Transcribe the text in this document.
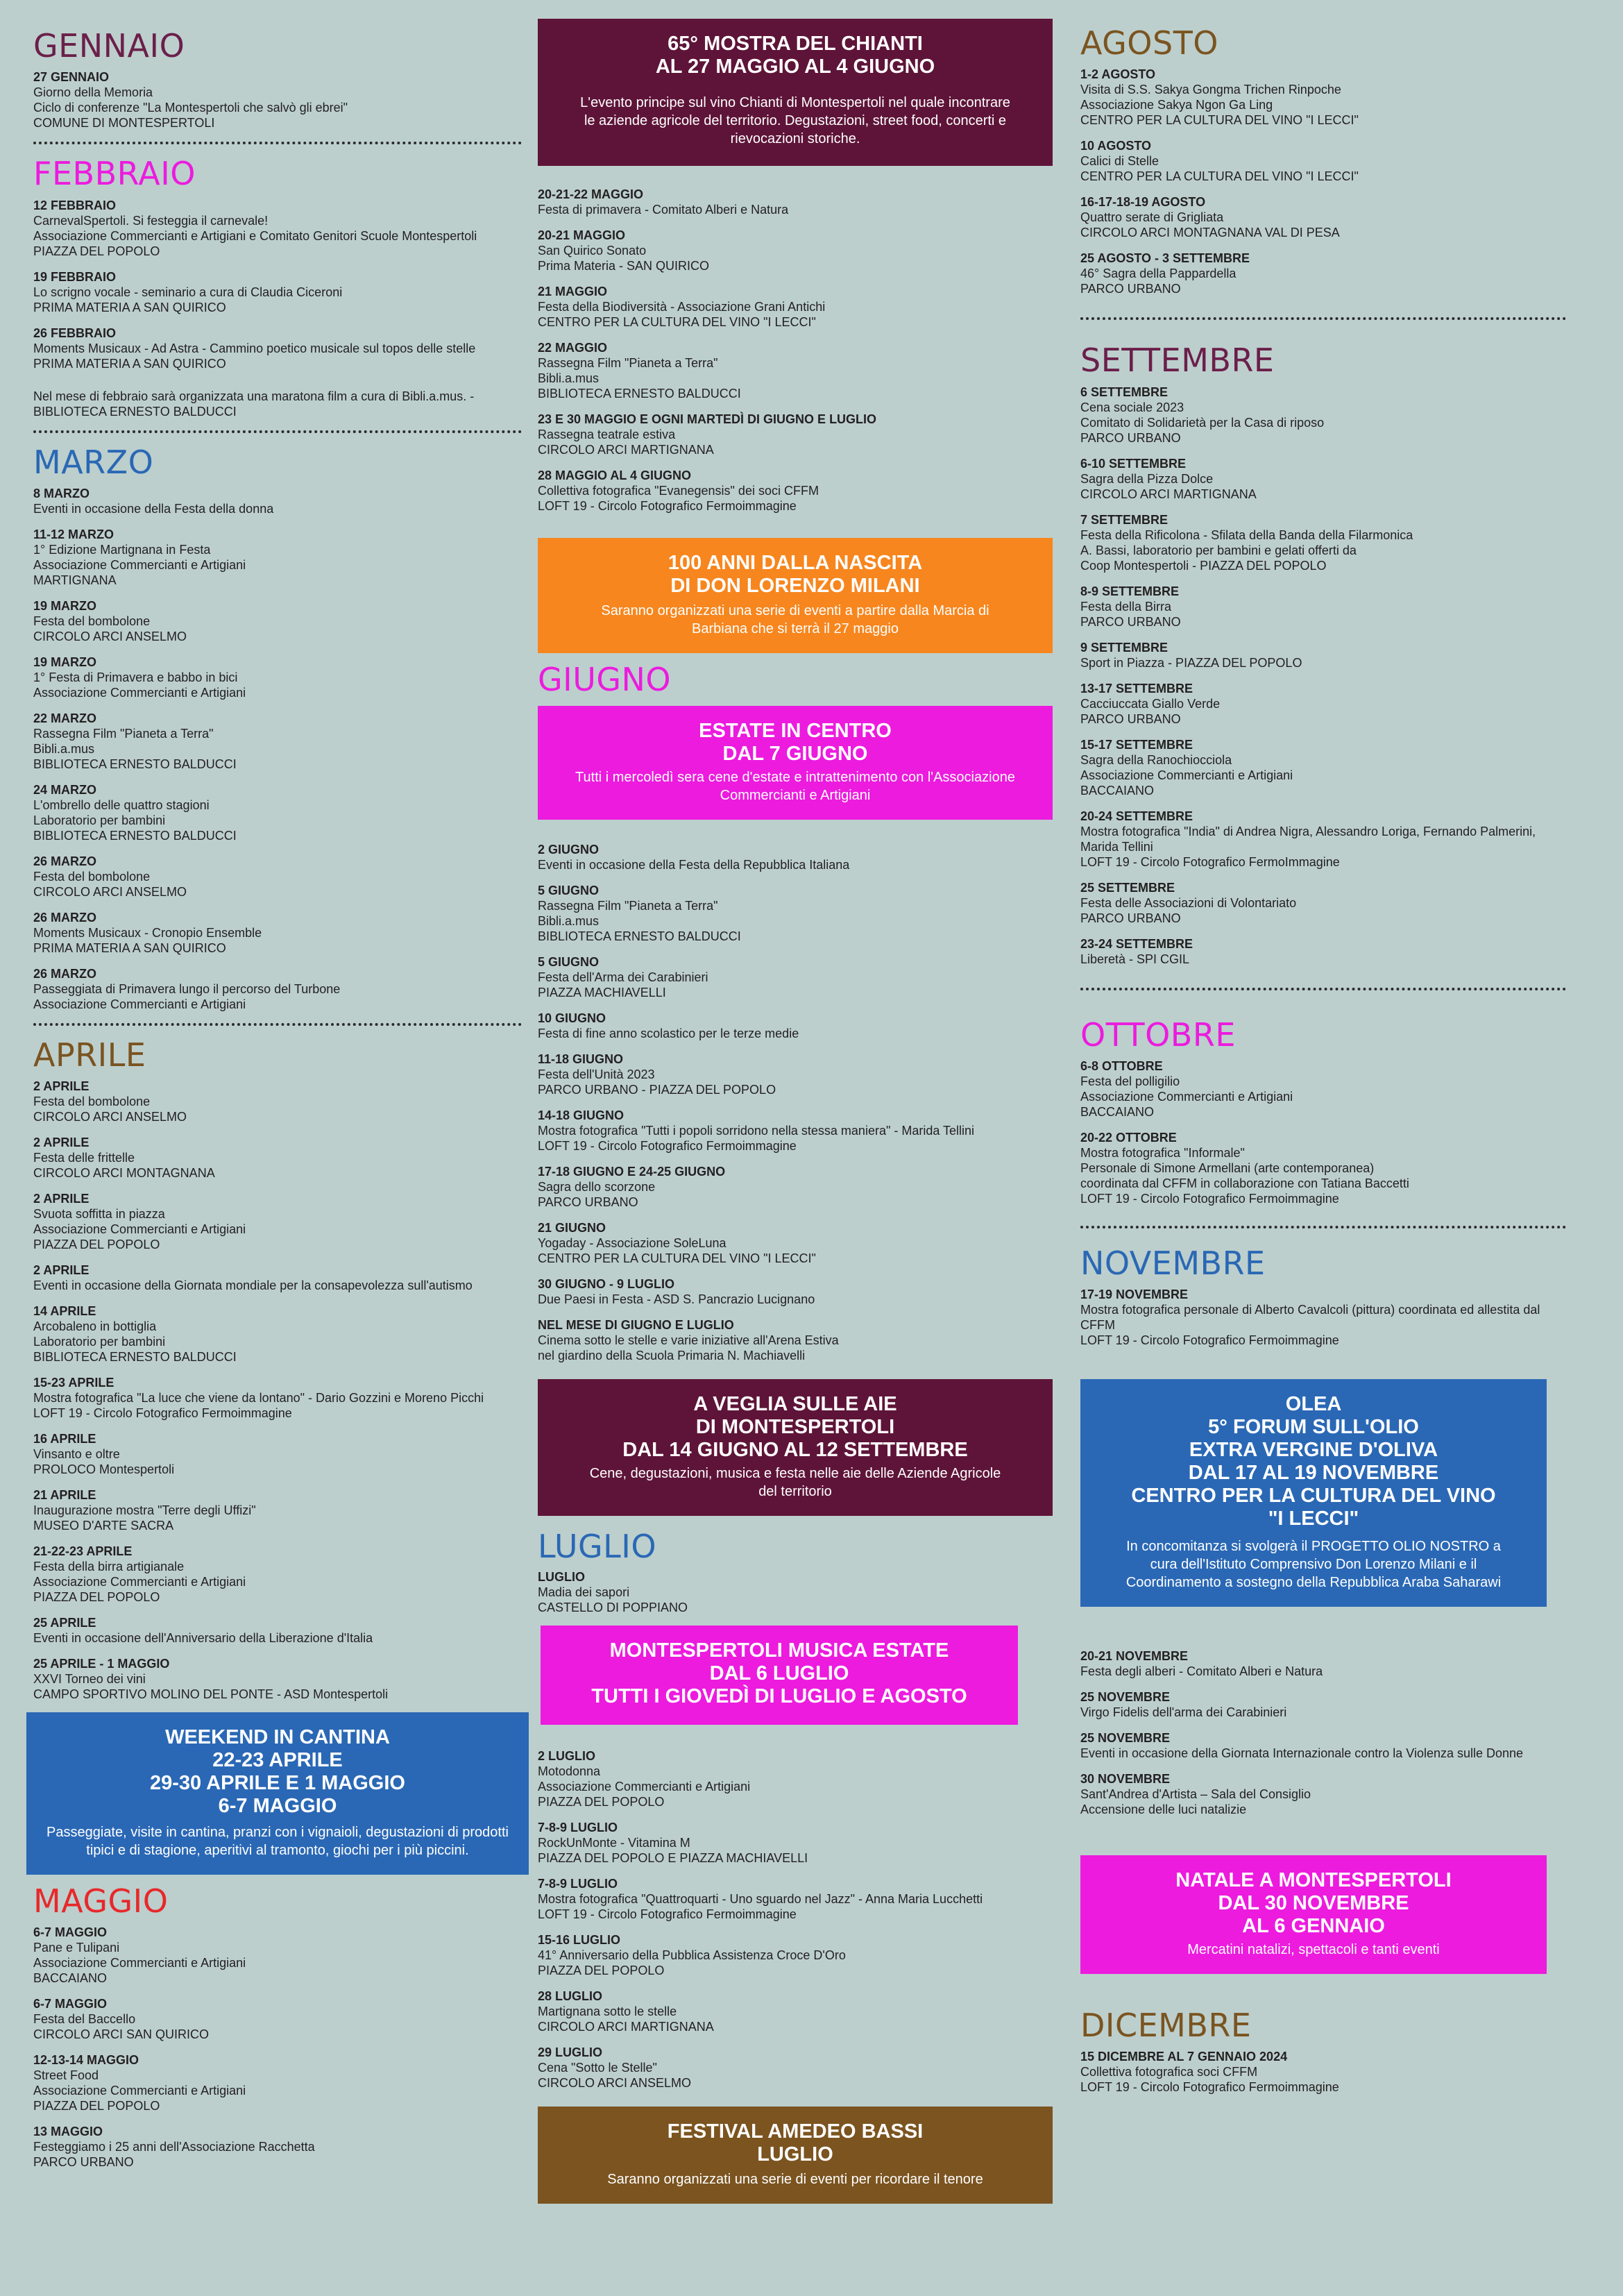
GENNAIO
27 GENNAIO
Giorno della Memoria
Ciclo di conferenze "La Montespertoli che salvò gli ebrei"
COMUNE DI MONTESPERTOLI
FEBBRAIO
12 FEBBRAIO
CarnevalSpertoli. Si festeggia il carnevale!
Associazione Commercianti e Artigiani e Comitato Genitori Scuole Montespertoli
PIAZZA DEL POPOLO
19 FEBBRAIO
Lo scrigno vocale - seminario a cura di Claudia Ciceroni
PRIMA MATERIA A SAN QUIRICO
26 FEBBRAIO
Moments Musicaux - Ad Astra - Cammino poetico musicale sul topos delle stelle
PRIMA MATERIA A SAN QUIRICO
Nel mese di febbraio sarà organizzata una maratona film a cura di Bibli.a.mus. - BIBLIOTECA ERNESTO BALDUCCI
MARZO
8 MARZO
Eventi in occasione della Festa della donna
11-12 MARZO
1° Edizione Martignana in Festa
Associazione Commercianti e Artigiani
MARTIGNANA
19 MARZO
Festa del bombolone
CIRCOLO ARCI ANSELMO
19 MARZO
1° Festa di Primavera e babbo in bici
Associazione Commercianti e Artigiani
22 MARZO
Rassegna Film "Pianeta a Terra"
Bibli.a.mus
BIBLIOTECA ERNESTO BALDUCCI
24 MARZO
L'ombrello delle quattro stagioni
Laboratorio per bambini
BIBLIOTECA ERNESTO BALDUCCI
26 MARZO
Festa del bombolone
CIRCOLO ARCI ANSELMO
26 MARZO
Moments Musicaux - Cronopio Ensemble
PRIMA MATERIA A SAN QUIRICO
26 MARZO
Passeggiata di Primavera lungo il percorso del Turbone
Associazione Commercianti e Artigiani
APRILE
2 APRILE
Festa del bombolone
CIRCOLO ARCI ANSELMO
2 APRILE
Festa delle frittelle
CIRCOLO ARCI MONTAGNANA
2 APRILE
Svuota soffitta in piazza
Associazione Commercianti e Artigiani
PIAZZA DEL POPOLO
2 APRILE
Eventi in occasione della Giornata mondiale per la consapevolezza sull'autismo
14 APRILE
Arcobaleno in bottiglia
Laboratorio per bambini
BIBLIOTECA ERNESTO BALDUCCI
15-23 APRILE
Mostra fotografica "La luce che viene da lontano" - Dario Gozzini e Moreno Picchi
LOFT 19 - Circolo Fotografico Fermoimmagine
16 APRILE
Vinsanto e oltre
PROLOCO Montespertoli
21 APRILE
Inaugurazione mostra "Terre degli Uffizi"
MUSEO D'ARTE SACRA
21-22-23 APRILE
Festa della birra artigianale
Associazione Commercianti e Artigiani
PIAZZA DEL POPOLO
25 APRILE
Eventi in occasione dell'Anniversario della Liberazione d'Italia
25 APRILE - 1 MAGGIO
XXVI Torneo dei vini
CAMPO SPORTIVO MOLINO DEL PONTE - ASD Montespertoli
WEEKEND IN CANTINA
22-23 APRILE
29-30 APRILE E 1 MAGGIO
6-7 MAGGIO
Passeggiate, visite in cantina, pranzi con i vignaioli, degustazioni di prodotti tipici e di stagione, aperitivi al tramonto, giochi per i più piccini.
MAGGIO
6-7 MAGGIO
Pane e Tulipani
Associazione Commercianti e Artigiani
BACCAIANO
6-7 MAGGIO
Festa del Baccello
CIRCOLO ARCI SAN QUIRICO
12-13-14 MAGGIO
Street Food
Associazione Commercianti e Artigiani
PIAZZA DEL POPOLO
13 MAGGIO
Festeggiamo i 25 anni dell'Associazione Racchetta
PARCO URBANO
65° MOSTRA DEL CHIANTI
AL 27 MAGGIO AL 4 GIUGNO
L'evento principe sul vino Chianti di Montespertoli nel quale incontrare le aziende agricole del territorio. Degustazioni, street food, concerti e rievocazioni storiche.
20-21-22 MAGGIO
Festa di primavera - Comitato Alberi e Natura
20-21 MAGGIO
San Quirico Sonato
Prima Materia - SAN QUIRICO
21 MAGGIO
Festa della Biodiversità - Associazione Grani Antichi
CENTRO PER LA CULTURA DEL VINO "I LECCI"
22 MAGGIO
Rassegna Film "Pianeta a Terra"
Bibli.a.mus
BIBLIOTECA ERNESTO BALDUCCI
23 E 30 MAGGIO E OGNI MARTEDÌ DI GIUGNO E LUGLIO
Rassegna teatrale estiva
CIRCOLO ARCI MARTIGNANA
28 MAGGIO AL 4 GIUGNO
Collettiva fotografica "Evanegensis" dei soci CFFM
LOFT 19 - Circolo Fotografico Fermoimmagine
100 ANNI DALLA NASCITA
DI DON LORENZO MILANI
Saranno organizzati una serie di eventi a partire dalla Marcia di Barbiana che si terrà il 27 maggio
GIUGNO
ESTATE IN CENTRO
DAL 7 GIUGNO
Tutti i mercoledì sera cene d'estate e intrattenimento con l'Associazione Commercianti e Artigiani
2 GIUGNO
Eventi in occasione della Festa della Repubblica Italiana
5 GIUGNO
Rassegna Film "Pianeta a Terra"
Bibli.a.mus
BIBLIOTECA ERNESTO BALDUCCI
5 GIUGNO
Festa dell'Arma dei Carabinieri
PIAZZA MACHIAVELLI
10 GIUGNO
Festa di fine anno scolastico per le terze medie
11-18 GIUGNO
Festa dell'Unità 2023
PARCO URBANO - PIAZZA DEL POPOLO
14-18 GIUGNO
Mostra fotografica "Tutti i popoli sorridono nella stessa maniera" - Marida Tellini
LOFT 19 - Circolo Fotografico Fermoimmagine
17-18 GIUGNO E 24-25 GIUGNO
Sagra dello scorzone
PARCO URBANO
21 GIUGNO
Yogaday - Associazione SoleLuna
CENTRO PER LA CULTURA DEL VINO "I LECCI"
30 GIUGNO - 9 LUGLIO
Due Paesi in Festa - ASD S. Pancrazio Lucignano
NEL MESE DI GIUGNO E LUGLIO
Cinema sotto le stelle e varie iniziative all'Arena Estiva
nel giardino della Scuola Primaria N. Machiavelli
A VEGLIA SULLE AIE
DI MONTESPERTOLI
DAL 14 GIUGNO AL 12 SETTEMBRE
Cene, degustazioni, musica e festa nelle aie delle Aziende Agricole del territorio
LUGLIO
LUGLIO
Madia dei sapori
CASTELLO DI POPPIANO
MONTESPERTOLI MUSICA ESTATE
DAL 6 LUGLIO
TUTTI I GIOVEDÌ DI LUGLIO E AGOSTO
2 LUGLIO
Motodonna
Associazione Commercianti e Artigiani
PIAZZA DEL POPOLO
7-8-9 LUGLIO
RockUnMonte - Vitamina M
PIAZZA DEL POPOLO E PIAZZA MACHIAVELLI
7-8-9 LUGLIO
Mostra fotografica "Quattroquarti - Uno sguardo nel Jazz" - Anna Maria Lucchetti
LOFT 19 - Circolo Fotografico Fermoimmagine
15-16 LUGLIO
41° Anniversario della Pubblica Assistenza Croce D'Oro
PIAZZA DEL POPOLO
28 LUGLIO
Martignana sotto le stelle
CIRCOLO ARCI MARTIGNANA
29 LUGLIO
Cena "Sotto le Stelle"
CIRCOLO ARCI ANSELMO
FESTIVAL AMEDEO BASSI
LUGLIO
Saranno organizzati una serie di eventi per ricordare il tenore
AGOSTO
1-2 AGOSTO
Visita di S.S. Sakya Gongma Trichen Rinpoche
Associazione Sakya Ngon Ga Ling
CENTRO PER LA CULTURA DEL VINO "I LECCI"
10 AGOSTO
Calici di Stelle
CENTRO PER LA CULTURA DEL VINO "I LECCI"
16-17-18-19 AGOSTO
Quattro serate di Grigliata
CIRCOLO ARCI MONTAGNANA VAL DI PESA
25 AGOSTO - 3 SETTEMBRE
46° Sagra della Pappardella
PARCO URBANO
SETTEMBRE
6 SETTEMBRE
Cena sociale 2023
Comitato di Solidarietà per la Casa di riposo
PARCO URBANO
6-10 SETTEMBRE
Sagra della Pizza Dolce
CIRCOLO ARCI MARTIGNANA
7 SETTEMBRE
Festa della Rificolona - Sfilata della Banda della Filarmonica
A. Bassi, laboratorio per bambini e gelati offerti da
Coop Montespertoli - PIAZZA DEL POPOLO
8-9 SETTEMBRE
Festa della Birra
PARCO URBANO
9 SETTEMBRE
Sport in Piazza - PIAZZA DEL POPOLO
13-17 SETTEMBRE
Cacciuccata Giallo Verde
PARCO URBANO
15-17 SETTEMBRE
Sagra della Ranochiocciola
Associazione Commercianti e Artigiani
BACCAIANO
20-24 SETTEMBRE
Mostra fotografica "India" di Andrea Nigra, Alessandro Loriga, Fernando Palmerini, Marida Tellini
LOFT 19 - Circolo Fotografico FermoImmagine
25 SETTEMBRE
Festa delle Associazioni di Volontariato
PARCO URBANO
23-24 SETTEMBRE
Liberetà - SPI CGIL
OTTOBRE
6-8 OTTOBRE
Festa del polligilio
Associazione Commercianti e Artigiani
BACCAIANO
20-22 OTTOBRE
Mostra fotografica "Informale"
Personale di Simone Armellani (arte contemporanea)
coordinata dal CFFM in collaborazione con Tatiana Baccetti
LOFT 19 - Circolo Fotografico Fermoimmagine
NOVEMBRE
17-19 NOVEMBRE
Mostra fotografica personale di Alberto Cavalcoli (pittura) coordinata ed allestita dal CFFM
LOFT 19 - Circolo Fotografico Fermoimmagine
OLEA
5° FORUM SULL'OLIO
EXTRA VERGINE D'OLIVA
DAL 17 AL 19 NOVEMBRE
CENTRO PER LA CULTURA DEL VINO
"I LECCI"
In concomitanza si svolgerà il PROGETTO OLIO NOSTRO a cura dell'Istituto Comprensivo Don Lorenzo Milani e il Coordinamento a sostegno della Repubblica Araba Saharawi
20-21 NOVEMBRE
Festa degli alberi - Comitato Alberi e Natura
25 NOVEMBRE
Virgo Fidelis dell'arma dei Carabinieri
25 NOVEMBRE
Eventi in occasione della Giornata Internazionale contro la Violenza sulle Donne
30 NOVEMBRE
Sant'Andrea d'Artista – Sala del Consiglio
Accensione delle luci natalizie
NATALE A MONTESPERTOLI
DAL 30 NOVEMBRE
AL 6 GENNAIO
Mercatini natalizi, spettacoli e tanti eventi
DICEMBRE
15 DICEMBRE AL 7 GENNAIO 2024
Collettiva fotografica soci CFFM
LOFT 19 - Circolo Fotografico Fermoimmagine
